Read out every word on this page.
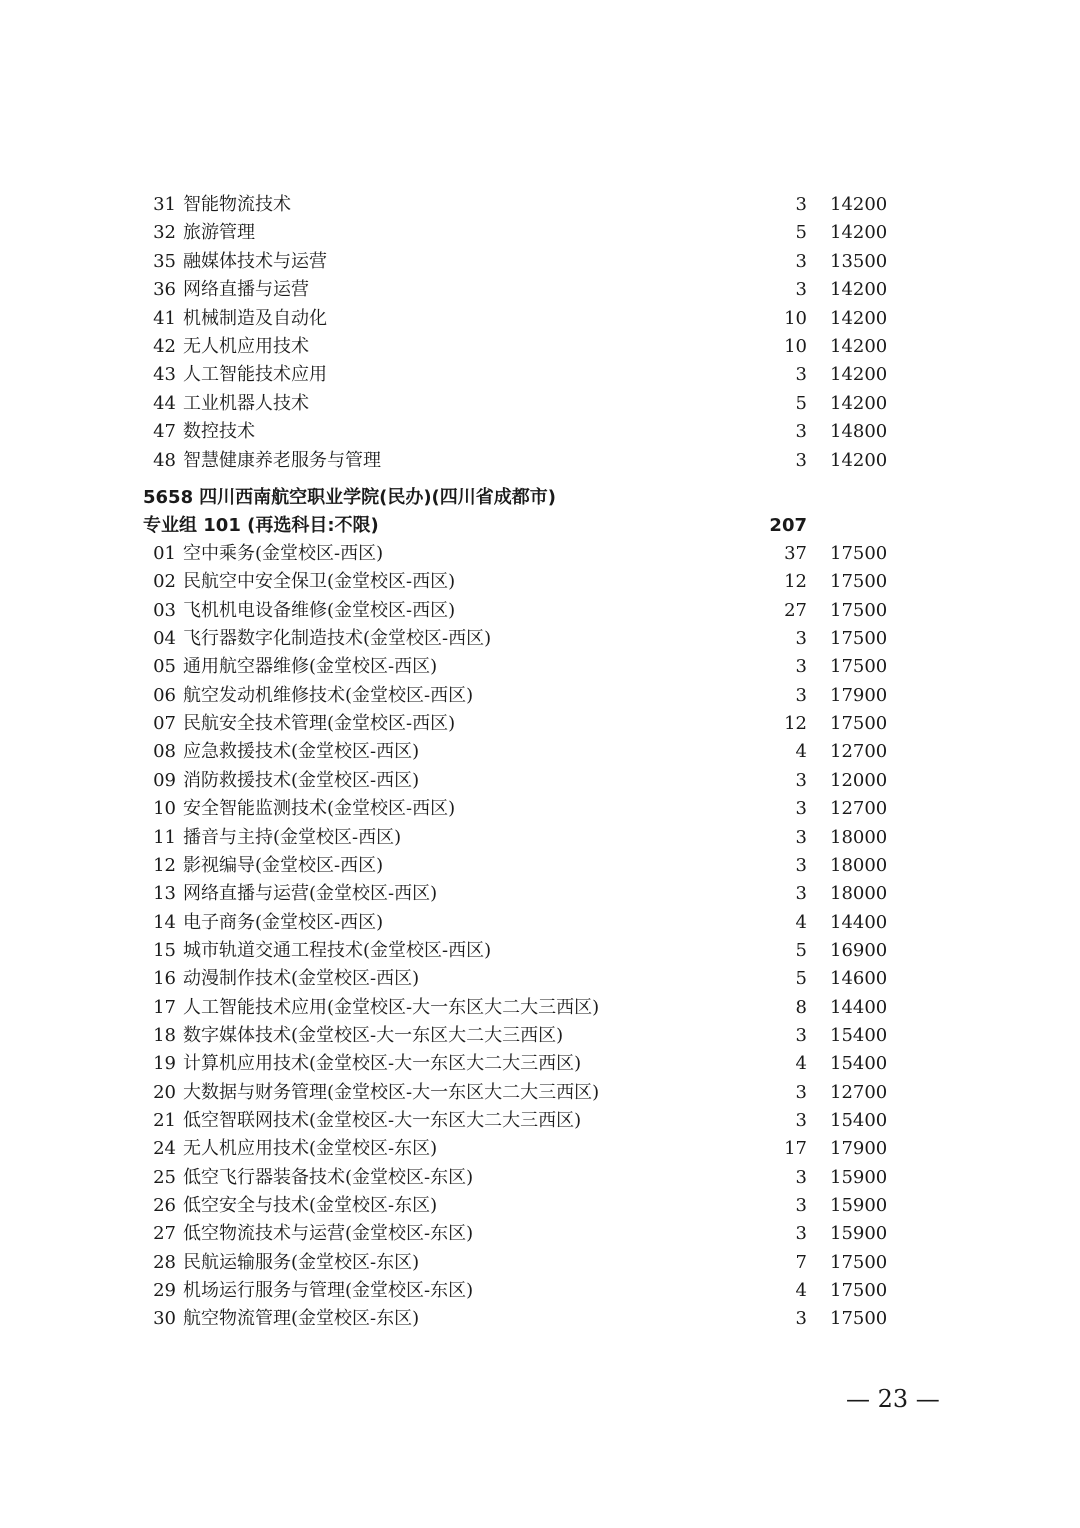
31 智能物流技术	3 14200
32 旅游管理	5 14200
35 融媒体技术与运营	3 13500
36 网络直播与运营	3 14200
41 机械制造及自动化	10 14200
42 无人机应用技术	10 14200
43 人工智能技术应用	3 14200
44 工业机器人技术	5 14200
47 数控技术	3 14800
48 智慧健康养老服务与管理	3 14200
5658 四川西南航空职业学院(民办)(四川省成都市)
专业组 101 (再选科目:不限)	207
01 空中乘务(金堂校区-西区)	37 17500
02 民航空中安全保卫(金堂校区-西区)	12 17500
03 飞机机电设备维修(金堂校区-西区)	27 17500
04 飞行器数字化制造技术(金堂校区-西区)	3 17500
05 通用航空器维修(金堂校区-西区)	3 17500
06 航空发动机维修技术(金堂校区-西区)	3 17900
07 民航安全技术管理(金堂校区-西区)	12 17500
08 应急救援技术(金堂校区-西区)	4 12700
09 消防救援技术(金堂校区-西区)	3 12000
10 安全智能监测技术(金堂校区-西区)	3 12700
11 播音与主持(金堂校区-西区)	3 18000
12 影视编导(金堂校区-西区)	3 18000
13 网络直播与运营(金堂校区-西区)	3 18000
14 电子商务(金堂校区-西区)	4 14400
15 城市轨道交通工程技术(金堂校区-西区)	5 16900
16 动漫制作技术(金堂校区-西区)	5 14600
17 人工智能技术应用(金堂校区-大一东区大二大三西区)	8 14400
18 数字媒体技术(金堂校区-大一东区大二大三西区)	3 15400
19 计算机应用技术(金堂校区-大一东区大二大三西区)	4 15400
20 大数据与财务管理(金堂校区-大一东区大二大三西区)	3 12700
21 低空智联网技术(金堂校区-大一东区大二大三西区)	3 15400
24 无人机应用技术(金堂校区-东区)	17 17900
25 低空飞行器装备技术(金堂校区-东区)	3 15900
26 低空安全与技术(金堂校区-东区)	3 15900
27 低空物流技术与运营(金堂校区-东区)	3 15900
28 民航运输服务(金堂校区-东区)	7 17500
29 机场运行服务与管理(金堂校区-东区)	4 17500
30 航空物流管理(金堂校区-东区)	3 17500
— 23 —
